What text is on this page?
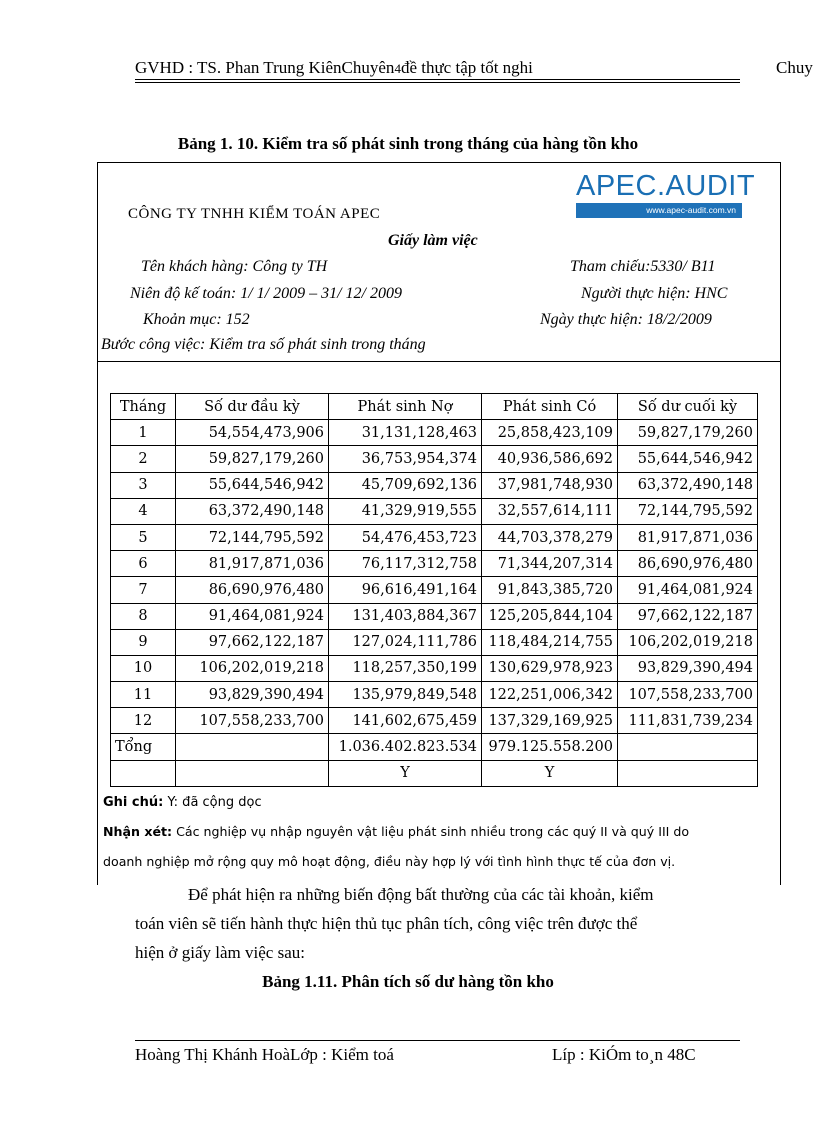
GVHD : TS. Phan Trung KiênChuyên4đề thực tập tốt nghi	Chuy
Bảng 1. 10. Kiểm tra số phát sinh trong tháng của hàng tồn kho
APEC.AUDIT
www.apec-audit.com.vn
CÔNG TY TNHH KIỂM TOÁN APEC
Giấy làm việc
Tên khách hàng: Công ty TH	Tham chiếu:5330/ B11
Niên độ kế toán: 1/ 1/ 2009 – 31/ 12/ 2009	Người thực hiện: HNC
Khoản mục: 152	Ngày thực hiện: 18/2/2009
Bước công việc: Kiểm tra số phát sinh trong tháng
Tháng	Số dư đầu kỳ	Phát sinh Nợ	Phát sinh Có	Số dư cuối kỳ
1	54,554,473,906	31,131,128,463	25,858,423,109	59,827,179,260
2	59,827,179,260	36,753,954,374	40,936,586,692	55,644,546,942
3	55,644,546,942	45,709,692,136	37,981,748,930	63,372,490,148
4	63,372,490,148	41,329,919,555	32,557,614,111	72,144,795,592
5	72,144,795,592	54,476,453,723	44,703,378,279	81,917,871,036
6	81,917,871,036	76,117,312,758	71,344,207,314	86,690,976,480
7	86,690,976,480	96,616,491,164	91,843,385,720	91,464,081,924
8	91,464,081,924	131,403,884,367	125,205,844,104	97,662,122,187
9	97,662,122,187	127,024,111,786	118,484,214,755	106,202,019,218
10	106,202,019,218	118,257,350,199	130,629,978,923	93,829,390,494
11	93,829,390,494	135,979,849,548	122,251,006,342	107,558,233,700
12	107,558,233,700	141,602,675,459	137,329,169,925	111,831,739,234
Tổng		1.036.402.823.534	979.125.558.200	
		Y	Y	
Ghi chú: Y: đã cộng dọc
Nhận xét: Các nghiệp vụ nhập nguyên vật liệu phát sinh nhiều trong các quý II và quý III do
doanh nghiệp mở rộng quy mô hoạt động, điều này hợp lý với tình hình thực tế của đơn vị.
Để phát hiện ra những biến động bất thường của các tài khoản, kiểm
toán viên sẽ tiến hành thực hiện thủ tục phân tích, công việc trên được thể
hiện ở giấy làm việc sau:
Bảng 1.11. Phân tích số dư hàng tồn kho
Hoàng Thị Khánh HoàLớp : Kiểm toá	Líp : KiÓm to¸n 48C
